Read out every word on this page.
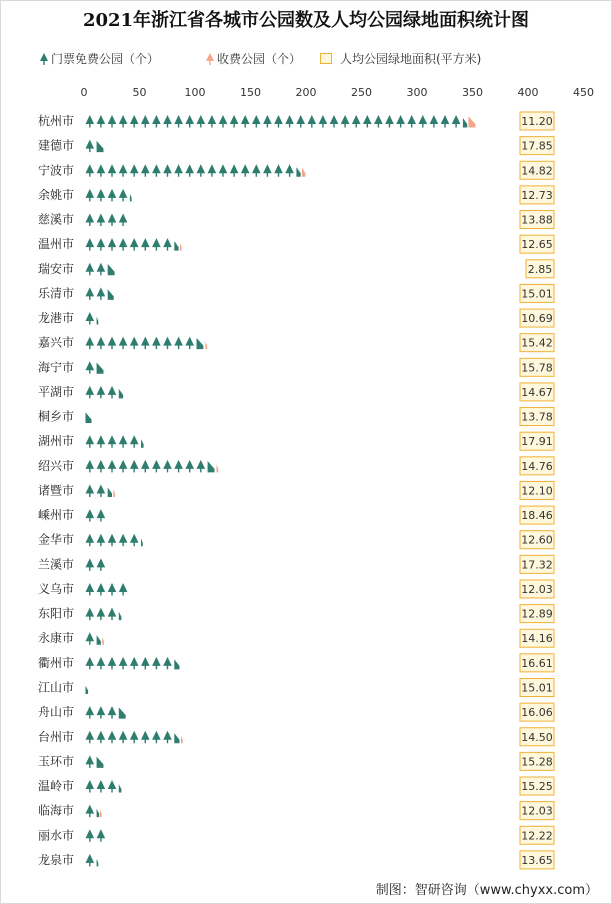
2021年浙江省各城市公园数及人均公园绿地面积统计图
门票免费公园（个）	收费公园（个）	人均公园绿地面积(平方米)
0	50	100	150	200	250	300	350	400	450
杭州市	11.20
建德市	17.85
宁波市	14.82
余姚市	12.73
慈溪市	13.88
温州市	12.65
瑞安市	2.85
乐清市	15.01
龙港市	10.69
嘉兴市	15.42
海宁市	15.78
平湖市	14.67
桐乡市	13.78
湖州市	17.91
绍兴市	14.76
诸暨市	12.10
嵊州市	18.46
金华市	12.60
兰溪市	17.32
义乌市	12.03
东阳市	12.89
永康市	14.16
衢州市	16.61
江山市	15.01
舟山市	16.06
台州市	14.50
玉环市	15.28
温岭市	15.25
临海市	12.03
丽水市	12.22
龙泉市	13.65
制图：智研咨询（www.chyxx.com）
